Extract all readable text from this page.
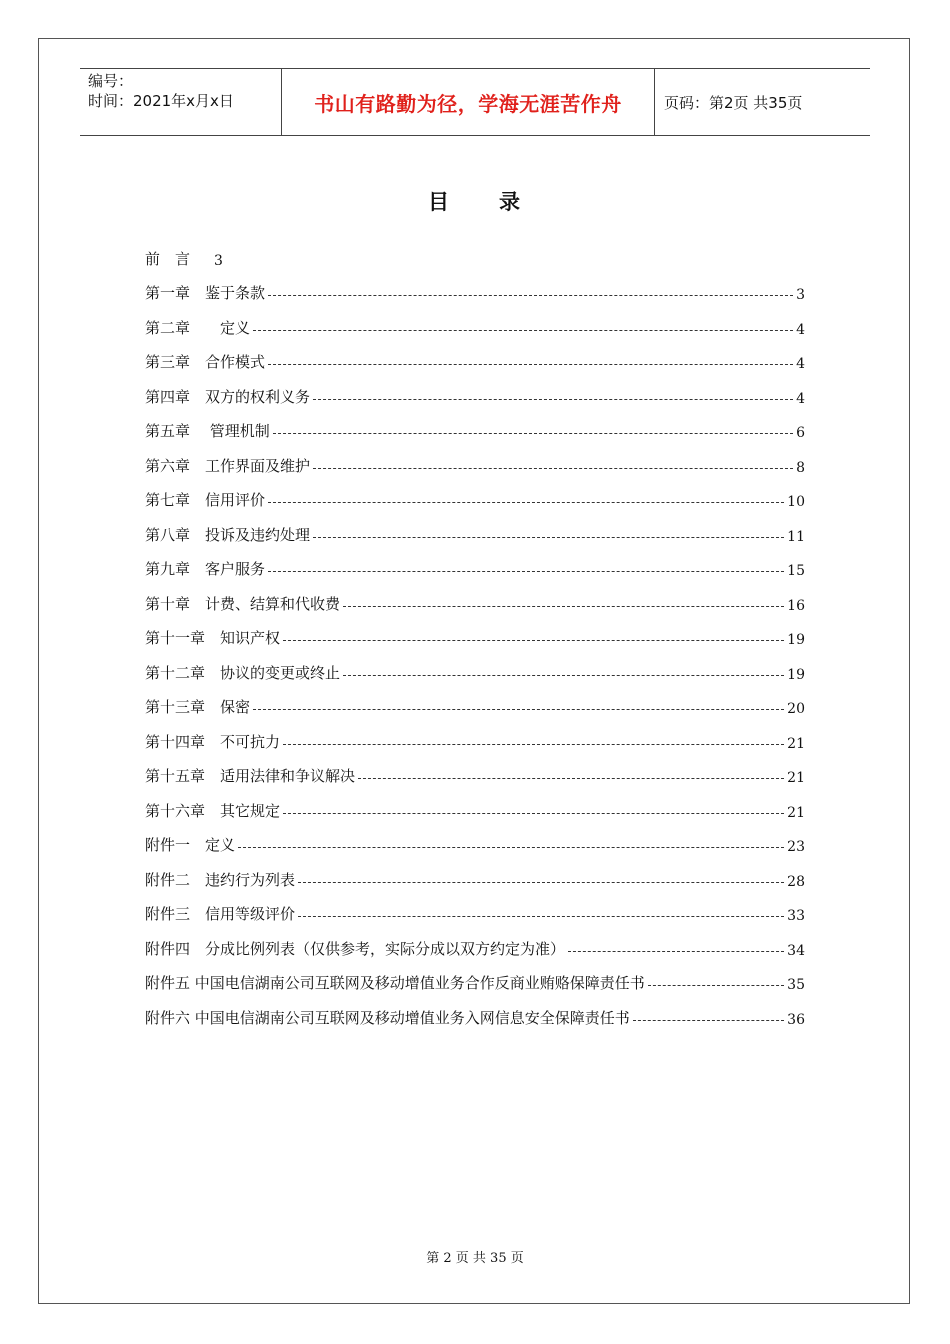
编号：
时间：2021年x月x日	书山有路勤为径，学海无涯苦作舟	页码：第2页 共35页
目 录
前　言 3
第一章　鉴于条款	3
第二章　　定义	4
第三章　合作模式	4
第四章　双方的权利义务	4
第五章　 管理机制	6
第六章　工作界面及维护	8
第七章　信用评价	10
第八章　投诉及违约处理	11
第九章　客户服务	15
第十章　计费、结算和代收费	16
第十一章　知识产权	19
第十二章　协议的变更或终止	19
第十三章　保密	20
第十四章　不可抗力	21
第十五章　适用法律和争议解决	21
第十六章　其它规定	21
附件一　定义	23
附件二　违约行为列表	28
附件三　信用等级评价	33
附件四　分成比例列表（仅供参考，实际分成以双方约定为准）	34
附件五 中国电信湖南公司互联网及移动增值业务合作反商业贿赂保障责任书	35
附件六 中国电信湖南公司互联网及移动增值业务入网信息安全保障责任书	36
第 2 页 共 35 页
